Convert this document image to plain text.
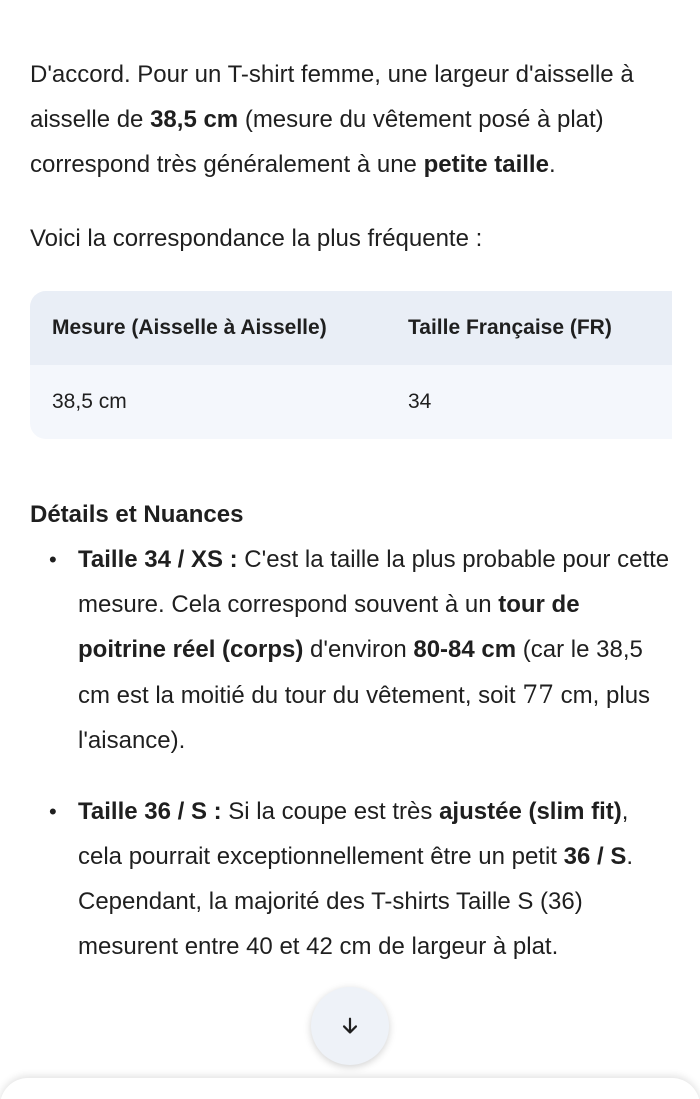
D'accord. Pour un T-shirt femme, une largeur d'aisselle à aisselle de 38,5 cm (mesure du vêtement posé à plat) correspond très généralement à une petite taille.

Voici la correspondance la plus fréquente :

Mesure (Aisselle à Aisselle)	Taille Française (FR)
38,5 cm	34
Détails et Nuances
• Taille 34 / XS : C'est la taille la plus probable pour cette mesure. Cela correspond souvent à un tour de poitrine réel (corps) d'environ 80-84 cm (car le 38,5 cm est la moitié du tour du vêtement, soit 77 cm, plus l'aisance).
• Taille 36 / S : Si la coupe est très ajustée (slim fit), cela pourrait exceptionnellement être un petit 36 / S. Cependant, la majorité des T-shirts Taille S (36) mesurent entre 40 et 42 cm de largeur à plat.
